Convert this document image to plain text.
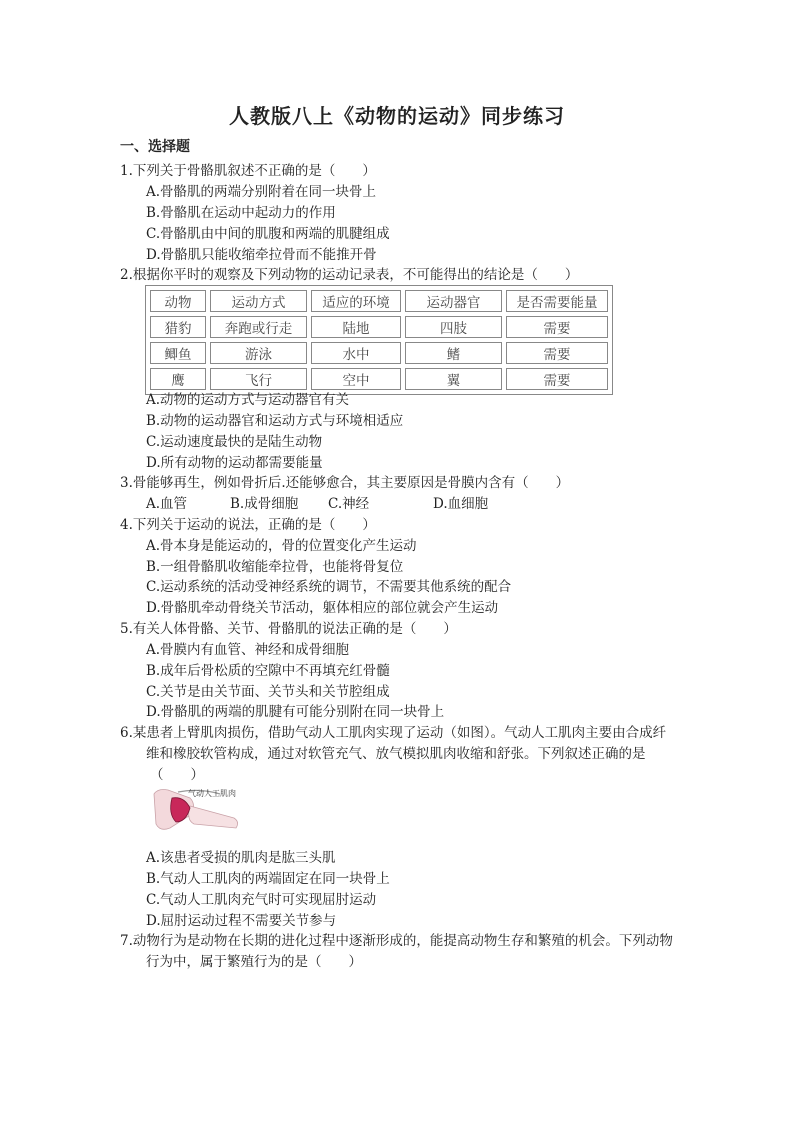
人教版八上《动物的运动》同步练习
一、选择题
1.下列关于骨骼肌叙述不正确的是（　　）
A.骨骼肌的两端分别附着在同一块骨上
B.骨骼肌在运动中起动力的作用
C.骨骼肌由中间的肌腹和两端的肌腱组成
D.骨骼肌只能收缩牵拉骨而不能推开骨
2.根据你平时的观察及下列动物的运动记录表，不可能得出的结论是（　　）
动物	运动方式	适应的环境	运动器官	是否需要能量
猎豹	奔跑或行走	陆地	四肢	需要
鲫鱼	游泳	水中	鳍	需要
鹰	飞行	空中	翼	需要
A.动物的运动方式与运动器官有关
B.动物的运动器官和运动方式与环境相适应
C.运动速度最快的是陆生动物
D.所有动物的运动都需要能量
3.骨能够再生，例如骨折后.还能够愈合，其主要原因是骨膜内含有（　　）
A.血管	B.成骨细胞 C.神经	D.血细胞
4.下列关于运动的说法，正确的是（　　）
A.骨本身是能运动的，骨的位置变化产生运动
B.一组骨骼肌收缩能牵拉骨，也能将骨复位
C.运动系统的活动受神经系统的调节，不需要其他系统的配合
D.骨骼肌牵动骨绕关节活动，躯体相应的部位就会产生运动
5.有关人体骨骼、关节、骨骼肌的说法正确的是（　　）
A.骨膜内有血管、神经和成骨细胞
B.成年后骨松质的空隙中不再填充红骨髓
C.关节是由关节面、关节头和关节腔组成
D.骨骼肌的两端的肌腱有可能分别附在同一块骨上
6.某患者上臂肌肉损伤，借助气动人工肌肉实现了运动（如图）。气动人工肌肉主要由合成纤
维和橡胶软管构成，通过对软管充气、放气模拟肌肉收缩和舒张。下列叙述正确的是
（　　）
气动人工肌肉
A.该患者受损的肌肉是肱三头肌
B.气动人工肌肉的两端固定在同一块骨上
C.气动人工肌肉充气时可实现屈肘运动
D.屈肘运动过程不需要关节参与
7.动物行为是动物在长期的进化过程中逐渐形成的，能提高动物生存和繁殖的机会。下列动物
行为中，属于繁殖行为的是（　　）
